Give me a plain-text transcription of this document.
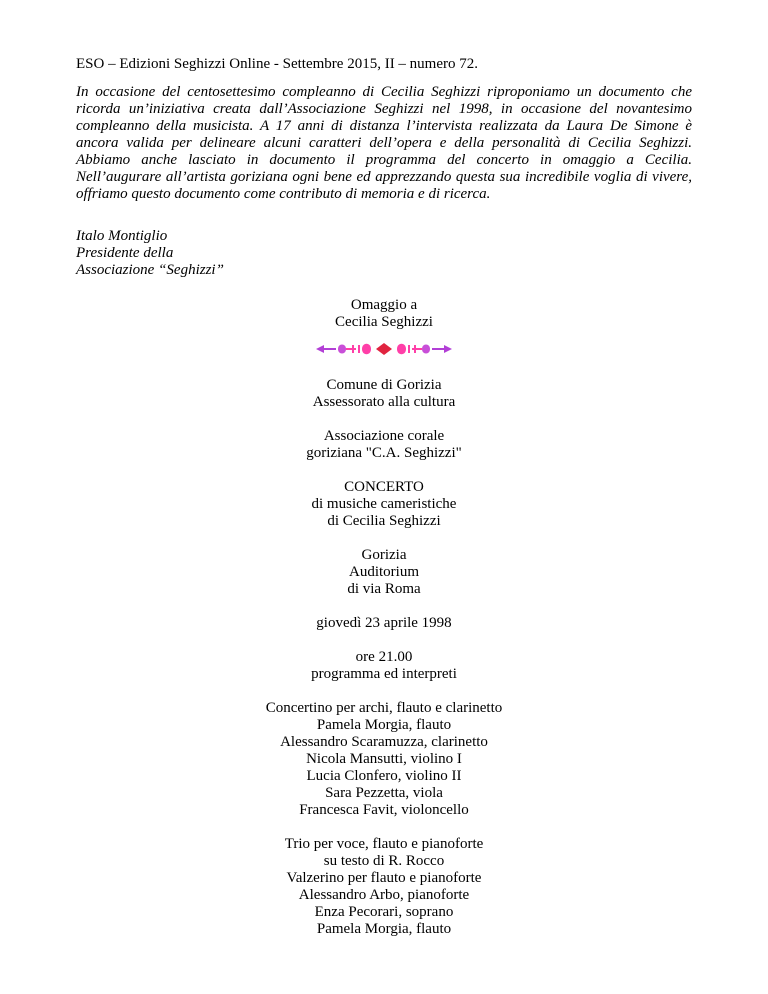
ESO – Edizioni Seghizzi Online - Settembre 2015, II – numero 72.
In occasione del centosettesimo compleanno di Cecilia Seghizzi riproponiamo un documento che ricorda un’iniziativa creata dall’Associazione Seghizzi nel 1998, in occasione del novantesimo compleanno della musicista. A 17 anni di distanza l’intervista realizzata da Laura De Simone è ancora valida per delineare alcuni caratteri dell’opera e della personalità di Cecilia Seghizzi. Abbiamo anche lasciato in documento il programma del concerto in omaggio a Cecilia. Nell’augurare all’artista goriziana ogni bene ed apprezzando questa sua incredibile voglia di vivere, offriamo questo documento come contributo di memoria e di ricerca.
Italo Montiglio
Presidente della
Associazione “Seghizzi”
Omaggio a
Cecilia Seghizzi
Comune di Gorizia
Assessorato alla cultura
Associazione corale
goriziana "C.A. Seghizzi"
CONCERTO
di musiche cameristiche
di Cecilia Seghizzi
Gorizia
Auditorium
di via Roma
giovedì 23 aprile 1998
ore 21.00
programma ed interpreti
Concertino per archi, flauto e clarinetto
Pamela Morgia, flauto
Alessandro Scaramuzza, clarinetto
Nicola Mansutti, violino I
Lucia Clonfero, violino II
Sara Pezzetta, viola
Francesca Favit, violoncello
Trio per voce, flauto e pianoforte
su testo di R. Rocco
Valzerino per flauto e pianoforte
Alessandro Arbo, pianoforte
Enza Pecorari, soprano
Pamela Morgia, flauto
